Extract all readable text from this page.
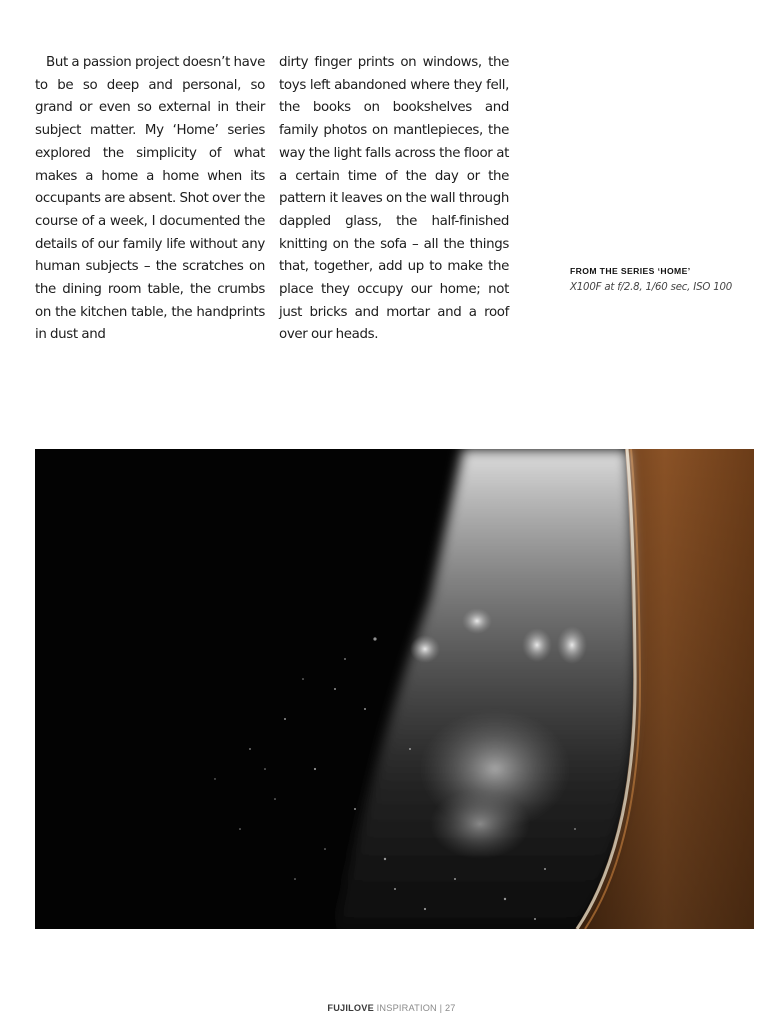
But a passion project doesn’t have to be so deep and personal, so grand or even so external in their subject matter. My ‘Home’ series explored the simplicity of what makes a home a home when its occupants are absent. Shot over the course of a week, I documented the details of our family life without any human subjects – the scratches on the dining room table, the crumbs on the kitchen table, the handprints in dust and

dirty finger prints on windows, the toys left abandoned where they fell, the books on bookshelves and family photos on mantlepieces, the way the light falls across the floor at a certain time of the day or the pattern it leaves on the wall through dappled glass, the half-finished knitting on the sofa – all the things that, together, add up to make the place they occupy our home; not just bricks and mortar and a roof over our heads.

FROM THE SERIES ‘HOME’
X100F at f/2.8, 1/60 sec, ISO 100
FUJILOVE INSPIRATION | 27
